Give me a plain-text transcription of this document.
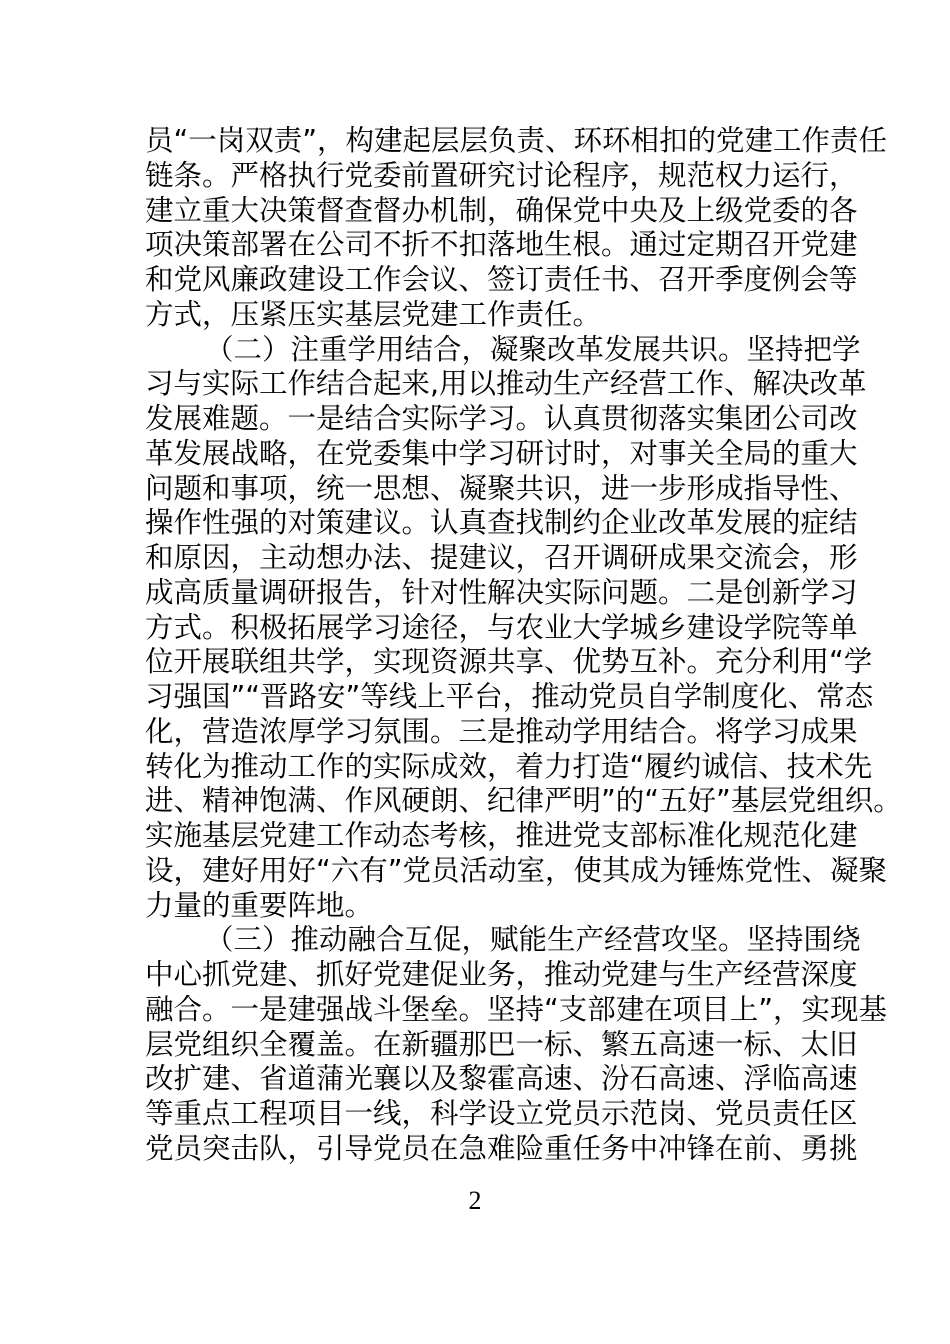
员“一岗双责”，构建起层层负责、环环相扣的党建工作责任
链条。严格执行党委前置研究讨论程序，规范权力运行，
建立重大决策督查督办机制，确保党中央及上级党委的各
项决策部署在公司不折不扣落地生根。通过定期召开党建
和党风廉政建设工作会议、签订责任书、召开季度例会等
方式，压紧压实基层党建工作责任。
（二）注重学用结合，凝聚改革发展共识。坚持把学
习与实际工作结合起来,用以推动生产经营工作、解决改革
发展难题。一是结合实际学习。认真贯彻落实集团公司改
革发展战略，在党委集中学习研讨时，对事关全局的重大
问题和事项，统一思想、凝聚共识，进一步形成指导性、
操作性强的对策建议。认真查找制约企业改革发展的症结
和原因，主动想办法、提建议，召开调研成果交流会，形
成高质量调研报告，针对性解决实际问题。二是创新学习
方式。积极拓展学习途径，与农业大学城乡建设学院等单
位开展联组共学，实现资源共享、优势互补。充分利用“学
习强国”“晋路安”等线上平台，推动党员自学制度化、常态
化，营造浓厚学习氛围。三是推动学用结合。将学习成果
转化为推动工作的实际成效，着力打造“履约诚信、技术先
进、精神饱满、作风硬朗、纪律严明”的“五好”基层党组织。
实施基层党建工作动态考核，推进党支部标准化规范化建
设，建好用好“六有”党员活动室，使其成为锤炼党性、凝聚
力量的重要阵地。
（三）推动融合互促，赋能生产经营攻坚。坚持围绕
中心抓党建、抓好党建促业务，推动党建与生产经营深度
融合。一是建强战斗堡垒。坚持“支部建在项目上”，实现基
层党组织全覆盖。在新疆那巴一标、繁五高速一标、太旧
改扩建、省道蒲光襄以及黎霍高速、汾石高速、浮临高速
等重点工程项目一线，科学设立党员示范岗、党员责任区
党员突击队，引导党员在急难险重任务中冲锋在前、勇挑
2
